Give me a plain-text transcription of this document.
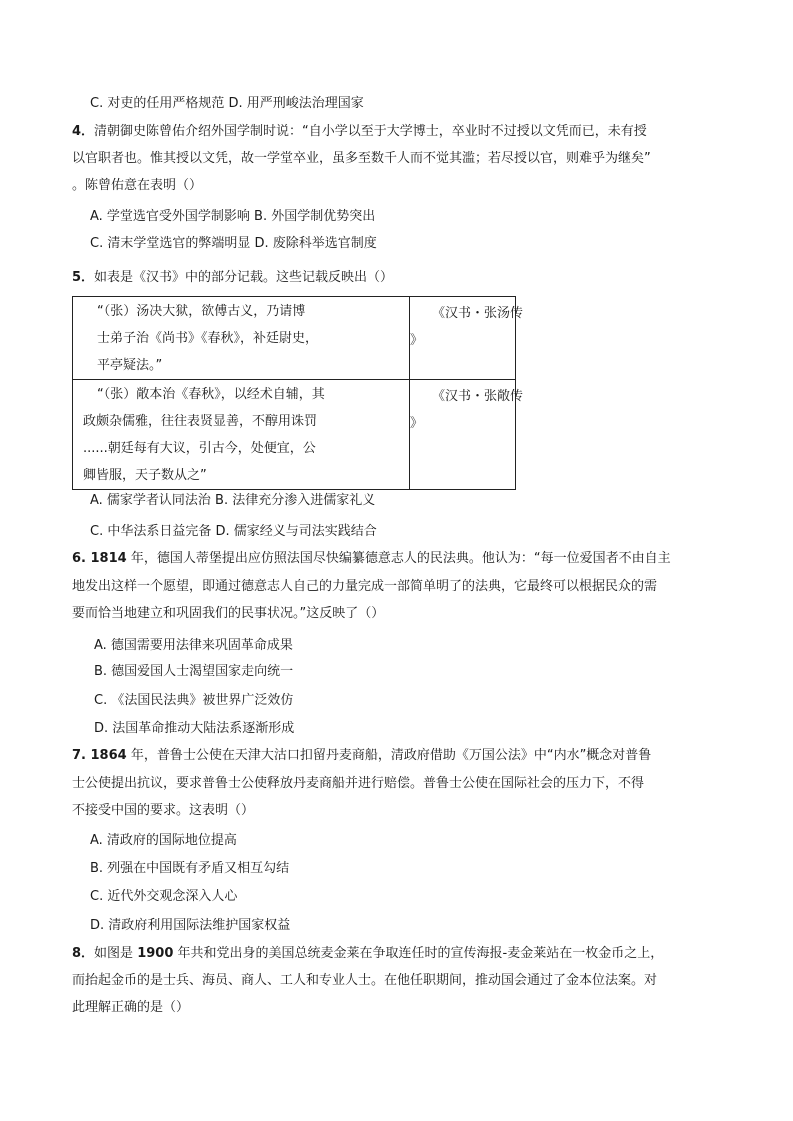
C. 对吏的任用严格规范 D. 用严刑峻法治理国家
4．清朝御史陈曾佑介绍外国学制时说：“自小学以至于大学博士，卒业时不过授以文凭而已，未有授
以官职者也。惟其授以文凭，故一学堂卒业，虽多至数千人而不觉其滥；若尽授以官，则难乎为继矣”
。陈曾佑意在表明（）
A. 学堂选官受外国学制影响 B. 外国学制优势突出
C. 清末学堂选官的弊端明显 D. 废除科举选官制度
5．如表是《汉书》中的部分记载。这些记载反映出（）
“（张）汤决大狱，欲傅古义，乃请博
士弟子治《尚书》《春秋》，补廷尉史，
平亭疑法。”	《汉书・张汤传
》

“（张）敞本治《春秋》，以经术自辅，其
政颇杂儒雅，往往表贤显善，不醇用诛罚
......朝廷每有大议，引古今，处便宜，公
卿皆服，天子数从之”	《汉书・张敞传
》
A. 儒家学者认同法治 B. 法律充分渗入进儒家礼义
C. 中华法系日益完备 D. 儒家经义与司法实践结合
6. 1814 年，德国人蒂堡提出应仿照法国尽快编纂德意志人的民法典。他认为：“每一位爱国者不由自主
地发出这样一个愿望，即通过德意志人自己的力量完成一部简单明了的法典，它最终可以根据民众的需
要而恰当地建立和巩固我们的民事状况。”这反映了（）
A. 德国需要用法律来巩固革命成果
B. 德国爱国人士渴望国家走向统一
C. 《法国民法典》被世界广泛效仿
D. 法国革命推动大陆法系逐渐形成
7. 1864 年，普鲁士公使在天津大沽口扣留丹麦商船，清政府借助《万国公法》中“内水”概念对普鲁
士公使提出抗议，要求普鲁士公使释放丹麦商船并进行赔偿。普鲁士公使在国际社会的压力下，不得
不接受中国的要求。这表明（）
A. 清政府的国际地位提高
B. 列强在中国既有矛盾又相互勾结
C. 近代外交观念深入人心
D. 清政府利用国际法维护国家权益
8．如图是 1900 年共和党出身的美国总统麦金莱在争取连任时的宣传海报-麦金莱站在一枚金币之上，
而抬起金币的是士兵、海员、商人、工人和专业人士。在他任职期间，推动国会通过了金本位法案。对
此理解正确的是（）
